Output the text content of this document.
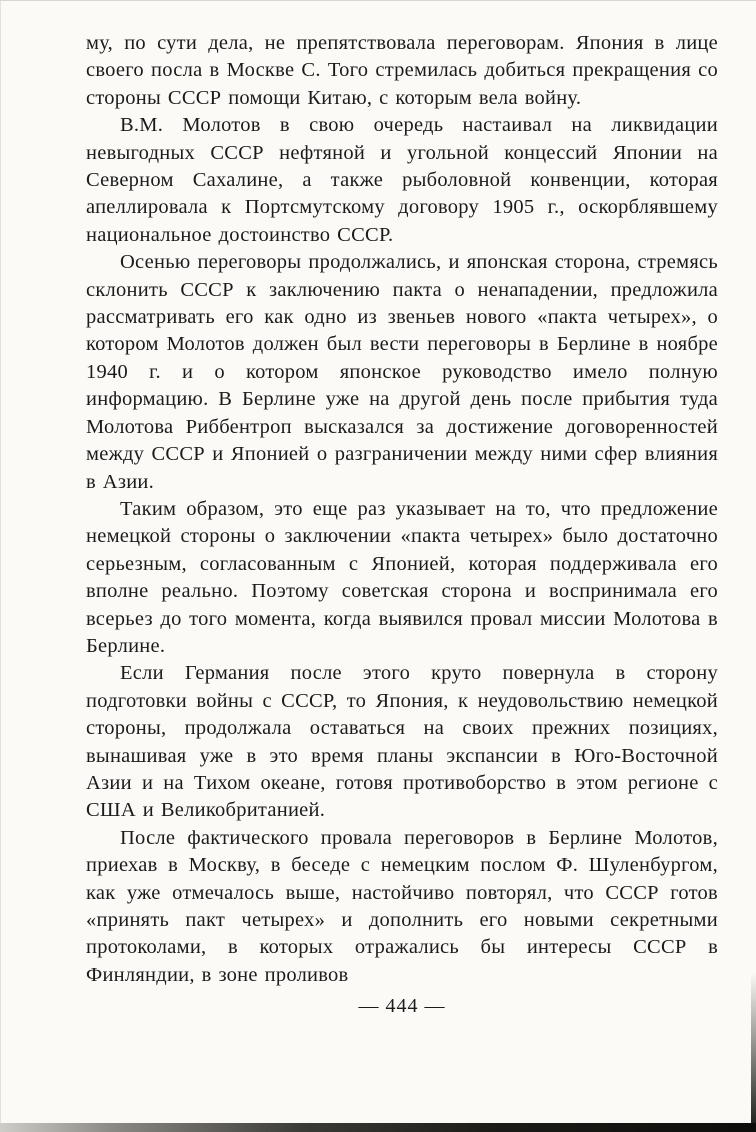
му, по сути дела, не препятствовала переговорам. Япония в лице своего посла в Москве С. Того стремилась добиться прекращения со стороны СССР помощи Китаю, с которым вела войну.

В.М. Молотов в свою очередь настаивал на ликвидации невыгодных СССР нефтяной и угольной концессий Японии на Северном Сахалине, а также рыболовной конвенции, которая апеллировала к Портсмутскому договору 1905 г., оскорблявшему национальное достоинство СССР.

Осенью переговоры продолжались, и японская сторона, стремясь склонить СССР к заключению пакта о ненападении, предложила рассматривать его как одно из звеньев нового «пакта четырех», о котором Молотов должен был вести переговоры в Берлине в ноябре 1940 г. и о котором японское руководство имело полную информацию. В Берлине уже на другой день после прибытия туда Молотова Риббентроп высказался за достижение договоренностей между СССР и Японией о разграничении между ними сфер влияния в Азии.

Таким образом, это еще раз указывает на то, что предложение немецкой стороны о заключении «пакта четырех» было достаточно серьезным, согласованным с Японией, которая поддерживала его вполне реально. Поэтому советская сторона и воспринимала его всерьез до того момента, когда выявился провал миссии Молотова в Берлине.

Если Германия после этого круто повернула в сторону подготовки войны с СССР, то Япония, к неудовольствию немецкой стороны, продолжала оставаться на своих прежних позициях, вынашивая уже в это время планы экспансии в Юго-Восточной Азии и на Тихом океане, готовя противоборство в этом регионе с США и Великобританией.

После фактического провала переговоров в Берлине Молотов, приехав в Москву, в беседе с немецким послом Ф. Шуленбургом, как уже отмечалось выше, настойчиво повторял, что СССР готов «принять пакт четырех» и дополнить его новыми секретными протоколами, в которых отражались бы интересы СССР в Финляндии, в зоне проливов

— 444 —
